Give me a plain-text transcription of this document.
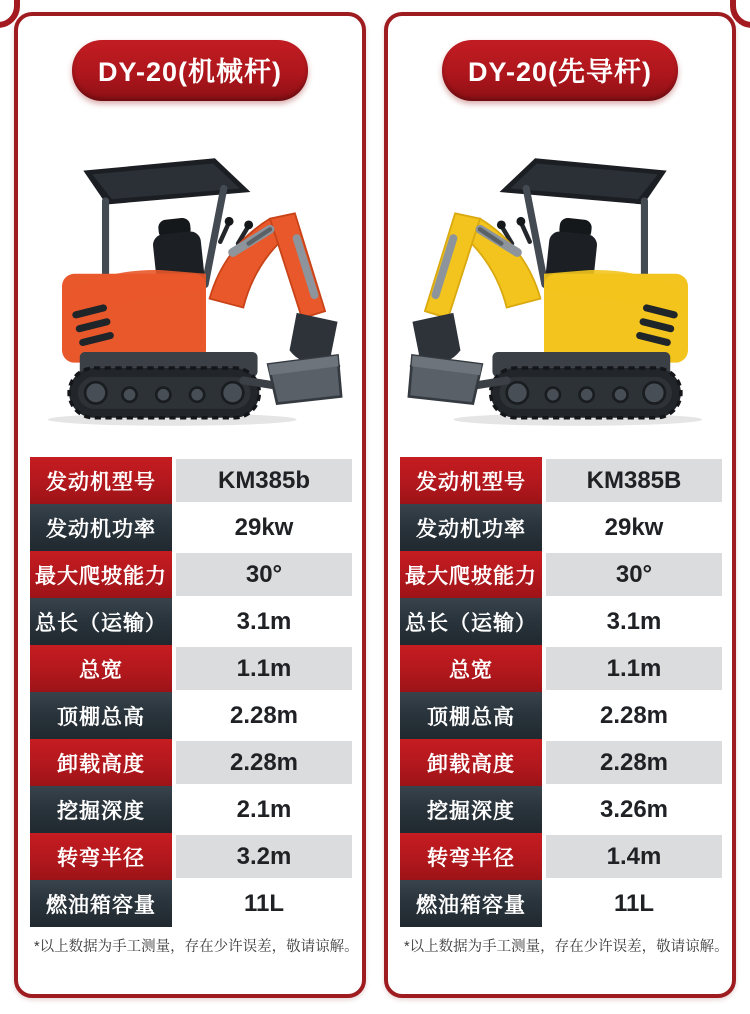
DY-20(机械杆)
发动机型号	KM385b
发动机功率	29kw
最大爬坡能力	30°
总长（运输）	3.1m
总宽	1.1m
顶棚总高	2.28m
卸载高度	2.28m
挖掘深度	2.1m
转弯半径	3.2m
燃油箱容量	11L

*以上数据为手工测量，存在少许误差，敬请谅解。

DY-20(先导杆)
发动机型号	KM385B
发动机功率	29kw
最大爬坡能力	30°
总长（运输）	3.1m
总宽	1.1m
顶棚总高	2.28m
卸载高度	2.28m
挖掘深度	3.26m
转弯半径	1.4m
燃油箱容量	11L

*以上数据为手工测量，存在少许误差，敬请谅解。
